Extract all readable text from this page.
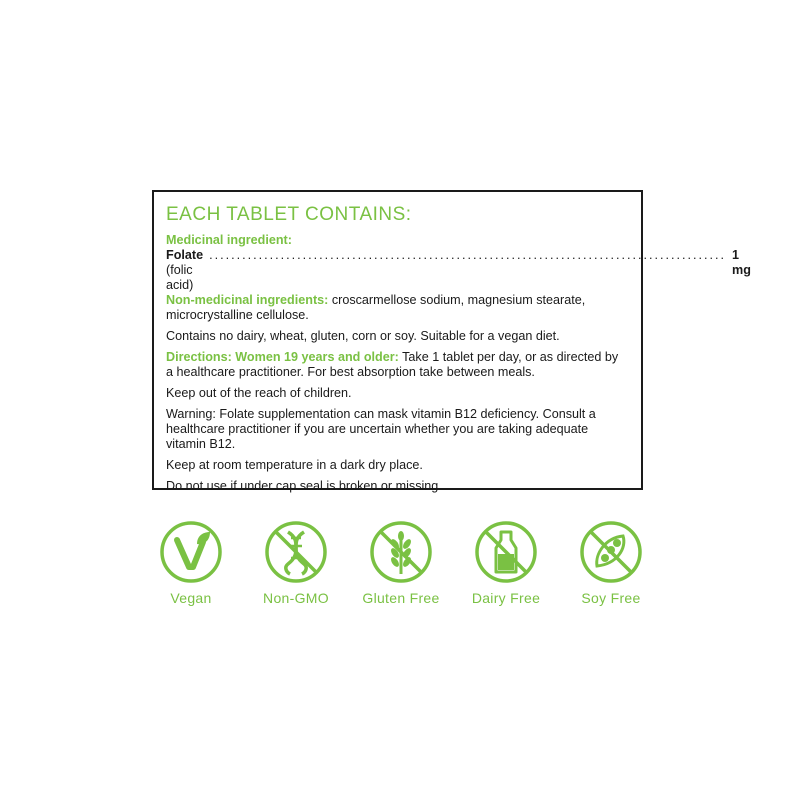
EACH TABLET CONTAINS:

Medicinal ingredient:

Folate (folic acid)
.............................................................................................. 1 mg

Non-medicinal ingredients: croscarmellose sodium, magnesium stearate, microcrystalline cellulose.

Contains no dairy, wheat, gluten, corn or soy. Suitable for a vegan diet.

Directions: Women 19 years and older: Take 1 tablet per day, or as directed by a healthcare practitioner. For best absorption take between meals.

Keep out of the reach of children.

Warning: Folate supplementation can mask vitamin B12 deficiency. Consult a healthcare practitioner if you are uncertain whether you are taking adequate vitamin B12.

Keep at room temperature in a dark dry place.

Do not use if under cap seal is broken or missing.

Vegan	Non-GMO	Gluten Free	Dairy Free	Soy Free
